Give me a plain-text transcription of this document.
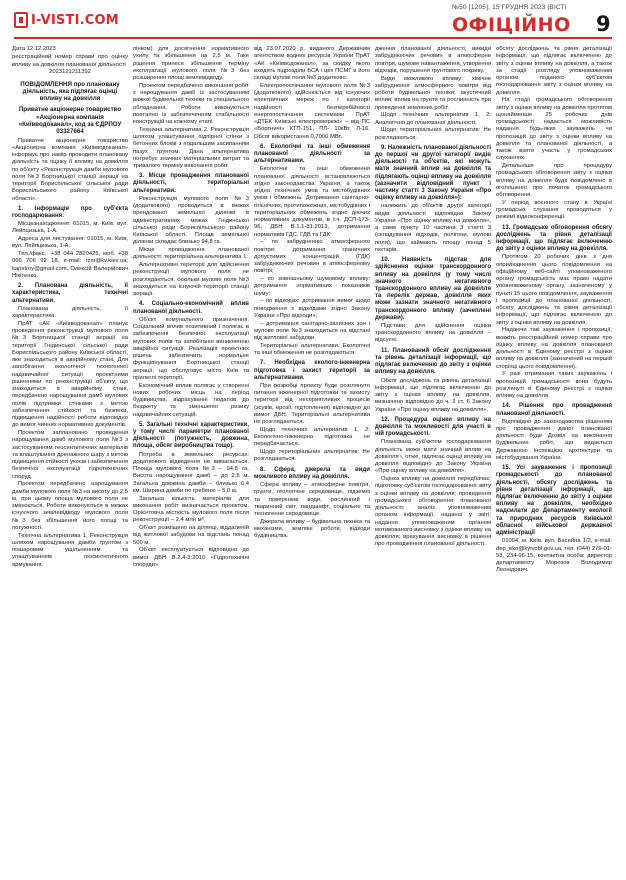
I-VISTI.COM
№50 [1205], 15 ГРУДНЯ 2023 |ВІСТІ
ОФІЦІЙНО 9

Дата 12.12.2023

реєстраційний номер справи про оцінку впливу на довкілля планованої діяльності

2023121211392

ПОВІДОМЛЕННЯ про плановану діяльність, яка підлягає оцінці впливу на довкілля
Приватне акціонерне товариство «Акціонерна компанія «Київводоканал», код за ЄДРПОУ 03327664

Приватне акціонерне товариство «Акціонерна компанія «Київводоканал» інформує про намір проводити плановану діяльність та оцінку її впливу на довкілля по об'єкту «Реконструкція дамби мулового поля №3 Бортницької станції аерації на території Бориспільської сільської ради Бориспільського району Київської області».

1. Інформація про суб'єкта господарювання:

Місцезнаходження: 01015, м. Київ, вул. Лейпцизька, 1-А.

Адреса для листування: 01015, м. Київ, вул. Лейпцизька, 1-А.

Тел./факс.: +38 044 2820425, моб. +38 066 706 92 18, e-mail: rzm@kv.kiev.ua; kapstroy@gmail.com, Олексій Валерійович Нікітенко.

2. Планована діяльність, її характеристика, технічні альтернативи.

Планована діяльність, її характеристика.

ПрАТ «АК «Київводоканал» планує проведення реконструкції мулового поля №3 Бортницької станції аерації на території Гнідинської сільської ради Бориспільського району Київської області, яке знаходиться в аварійному стані. Для запобігання екологічної техногенної надзвичайної ситуації проектними рішеннями по реконструкції об'єкту, що знаходиться в аварійному стані, передбачено нарощування дамб мулових полів підтримки стінками з метою забезпечення стійкості та безпеки, підвищення надійності роботи відповідно до вимог чинних нормативних документів.

Проектом заплановано проведення нарощування дамб мулового поля №3 з застосуванням геосинтетичних матеріалів та влаштування дренажного шару з метою підвищення стійкості укосів і забезпечення безпечної експлуатації гідротехнічних споруд.

Проектом передбачено нарощування дамби мулового поля №3 на висоту до 2,5 м, при цьому площа мулового поля не змінюється. Роботи виконуються в межах існуючого землевідводу мулового поля №3 без збільшення його площі та потужності.

Технічна альтернатива 1. Реконструкція шляхом нарощування дамби грунтом з пошаровим ущільненням та улаштуванням геосинтетичного армування.

пінком) для досягнення нормативного ухилу та збільшення на 2,5 м. Таке рішення принесе збільшення терміну експлуатації мулового поля №3 без розширення площі землевідводу.

Проектом передбачено виконання робіт з нарощування дамб із застосуванням важкої будівельної техніки та спеціального обладнання. Роботи виконуються поетапно із забезпеченням стабільності конструкцій на кожному етапі.

Технічна альтернатива 2. Реконструкція шляхом улаштування підпірної стінки з бетонних блоків з подальшим засипанням пазух грунтом. Дана альтернатива потребує значних матеріальних витрат та тривалого терміну виконання робіт.

3. Місце провадження планованої діяльності, територіальні альтернативи.

Реконструкція мулового поля №3 (додаткового) проводиться в межах орендованої земельної ділянки в адміністративних межах Гнідинської сільської ради Бориспільського району Київської області. Площа земельної ділянки складає близько 94,8 га.

Місце провадження планованої діяльності: територіальна альтернатива 1.

Альтернативні території для здійснення реконструкції мулового поля не розглядаються, оскільки мулове поле №3 знаходиться на існуючій території станції аерації.

4. Соціально-економічний вплив планованої діяльності.

Об'єкт комунального призначення. Соціальний вплив позитивний і полягає в забезпеченні безпечної експлуатації мулових полів та запобіганні виникненню аварійної ситуації. Реалізація проектних рішень забезпечить нормальне функціонування Бортницької станції аерації, що обслуговує місто Київ та прилеглі території.

Економічний вплив полягає у створенні нових робочих місць на період будівництва, відрахуванні податків до бюджету та зменшенні ризику надзвичайних ситуацій.

5. Загальні технічні характеристики, у тому числі параметри планованої діяльності (потужність, довжина, площа, обсяг виробництва тощо).

Потреба в земельних ресурсах: додаткового відведення не вимагається. Площа мулового поля №3 – 94,8 га. Висота нарощування дамб – до 2,5 м. Загальна довжина дамби – близько 6,4 км. Ширина дамби по гребеню – 5,0 м.

Загальна кількість матеріалів для виконання робіт визначається проектом. Орієнтовна місткість мулового поля після реконструкції – 2,4 млн м³.

Об'єкт розміщено на ділянці, віддаленій від житлової забудови на відстань понад 500 м.

Об'єкт експлуатується відповідно до вимог ДБН В.2.4-3:2010 «Гідротехнічні споруди».

від 23.07.2020 р. виданого Державним агентством водних ресурсів України ПрАТ «АК «Київводоканал», за скидку якого входять підрозділи БСА і цех ПСМГ в його складі мулові поля №3 додатково.

Електропостачання мулового поля №3 (додаткового) здійснюється від існуючих електричних мереж по і категорії надійності безперебійності енергопостачання системами ПрАТ «ДТЕК Київські електромережі» – від ПС «Бортничі» КТП-151, ПЛ- 10кВт, Л-16. Обсяг використання 0,7000 МВт.

6. Екологічні та інші обмеження планованої діяльності за альтернативами.

Екологічні та інші обмеження планованої діяльності встановлюються згідно законодавства України, а також згідно технічних умов та містобудівних умов і обмежень. Дотримання санітарно-гігієнічних, протипожежних, містобудівних і територіальних обмежень згідно діючих нормативних документів, в т.ч. ДСП-173-96, ДБН В.1.1-31:2013, дотримання нормативів ГДС, ГДВ та ГДК:

– по забрудненню атмосферного повітря: дотримання граничних допустимих концентрацій (ГДК) забруднюючих речовин в атмосферному повітрі;

– по зовнішньому шумовому впливу: дотримання нормативних показників шуму;

– по відходах: дотримання вимог щодо поводження з відходами згідно Закону України «Про відходи»;

– дотримання санітарно-захисних зон і мулове поле №3 знаходиться на відстані від житлової забудови.

Територіальні альтернативи. Екологічні та інші обмеження не розглядаються.

7. Необхідна еколого-інженерна підготовка і захист території за альтернативами.

При розробці проекту буде розглянуто питання інженерної підготовки та захисту території від несприятливих процесів (зсувів, ерозії, підтоплення) відповідно до вимог ДБН. Територіальні альтернативи не розглядаються.

Щодо технічних альтернатив 1, 2: Екологічно-інженерна підготовка не передбачається.

Щодо територіальних альтернатив: Не розглядаються.

8. Сфера, джерела та види можливого впливу на довкілля.

Сфера впливу – атмосферне повітря, грунти, геологічне середовище, підземні та поверхневі води, рослинний і тваринний світ, ландшафт, соціальне та техногенне середовище.

Джерела впливу – будівельна техніка та механізми, земляні роботи, відходи будівництва.

дження планованої діяльності, викиди забруднюючих речовин в атмосферне повітря, шумове навантаження, утворення відходів, порушення грунтового покриву.

Види можливого впливу: хімічне забруднення атмосферного повітря від роботи будівельної техніки; акустичний вплив; вплив на грунти та рослинність при проведенні земляних робіт.

Щодо технічних альтернатив 1, 2: Аналогічно до планованої діяльності.

Щодо територіальних альтернатив: Не розглядаються.

9. Належність планованої діяльності до першої чи другої категорії видів діяльності та об'єктів, які можуть мати значний вплив на довкілля та підлягають оцінці впливу на довкілля (зазначити відповідний пункт і частину статті 3 Закону України «Про оцінку впливу на довкілля»):

належить до об'єктів другої категорії видів діяльності відповідно Закону України «Про оцінку впливу на довкілля», а саме пункту 10 частини 3 статті 3 (складування відходів, полігони, мулові поля), що займають площу понад 5 гектарів.

10. Наявність підстав для здійснення оцінки транскордонного впливу на довкілля (у тому числі значного негативного транскордонного впливу на довкілля та перелік держав, довкілля яких може зазнати значного негативного транскордонного впливу (зачеплені держави).

Підстави для здійснення оцінки транскордонного впливу на довкілля – відсутні.

11. Планований обсяг дослідження та рівень деталізації інформації, що підлягає включенню до звіту з оцінки впливу на довкілля.

Обсяг досліджень та рівень деталізації інформації, що підлягає включенню до звіту з оцінки впливу на довкілля, визначено відповідно до ч. 2 ст. 6 Закону України «Про оцінку впливу на довкілля».

12. Процедура оцінки впливу на довкілля та можливості для участі в ній громадськості.

Планована суб'єктом господарювання діяльність може мати значний вплив на довкілля і, отже, підлягає оцінці впливу на довкілля відповідно до Закону України «Про оцінку впливу на довкілля».

Оцінка впливу на довкілля передбачає: підготовку суб'єктом господарювання звіту з оцінки впливу на довкілля; проведення громадського обговорення планованої діяльності; аналіз уповноваженим органом інформації, наданої у звіті; надання уповноваженим органом мотивованого висновку з оцінки впливу на довкілля; врахування висновку в рішенні про провадження планованої діяльності.

обсягу досліджень та рівня деталізації інформації, що підлягає включенню до звіту з оцінки впливу на довкілля, а також за стадії розгляду уповноваженим органом поданого суб'єктом господарювання звіту з оцінки впливу на довкілля.

На стадії громадського обговорення звіту з оцінки впливу на довкілля протягом щонайменше 25 робочих днів громадськості надається можливість надання будь-яких зауважень чи пропозицій до звіту з оцінки впливу на довкілля та планованої діяльності, а також взяти участь у громадських слуханнях.

Детальніше про процедуру громадського обговорення звіту з оцінки впливу на довкілля буде повідомлено в оголошенні про початок громадського обговорення.

У період воєнного стану в Україні громадські слухання проводяться у режимі відеоконференції.

13. Громадське обговорення обсягу досліджень та рівня деталізації інформації, що підлягає включенню до звіту з оцінки впливу на довкілля.

Протягом 20 робочих днів з дня оприлюднення цього повідомлення на офіційному веб-сайті уповноваженого органу громадськість має право надати уповноваженому органу, зазначеному у пункті 15 цього повідомлення, зауваження і пропозиції до планованої діяльності, обсягу досліджень та рівня деталізації інформації, що підлягає включенню до звіту з оцінки впливу на довкілля.

Надаючи такі зауваження і пропозиції, вкажіть реєстраційний номер справи про оцінку впливу на довкілля планованої діяльності в Єдиному реєстрі з оцінки впливу на довкілля (зазначений на першій сторінці цього повідомлення).

У разі отримання таких зауважень і пропозицій громадськості вони будуть розглянуті в Єдиному реєстрі з оцінки впливу на довкілля.

14. Рішення про провадження планованої діяльності.

Відповідно до законодавства рішенням про провадження даної планованої діяльності буде Дозвіл на виконання будівельних робіт, що видається Державною інспекцією архітектури та містобудування України.

15. Усі зауваження і пропозиції громадськості до планованої діяльності, обсягу досліджень та рівня деталізації інформації, що підлягає включенню до звіту з оцінки впливу на довкілля, необхідно надсилати до Департаменту екології та природних ресурсів Київської обласної військової державної адміністрації

01004, м. Київ, вул. Басейна 1/2, e-mail: dep_eko@kyivobl.gov.ua, тел. (044) 279-01-53, 234-96-15, контактна особа: директор департаменту Морозов Володимир Леонідович.
